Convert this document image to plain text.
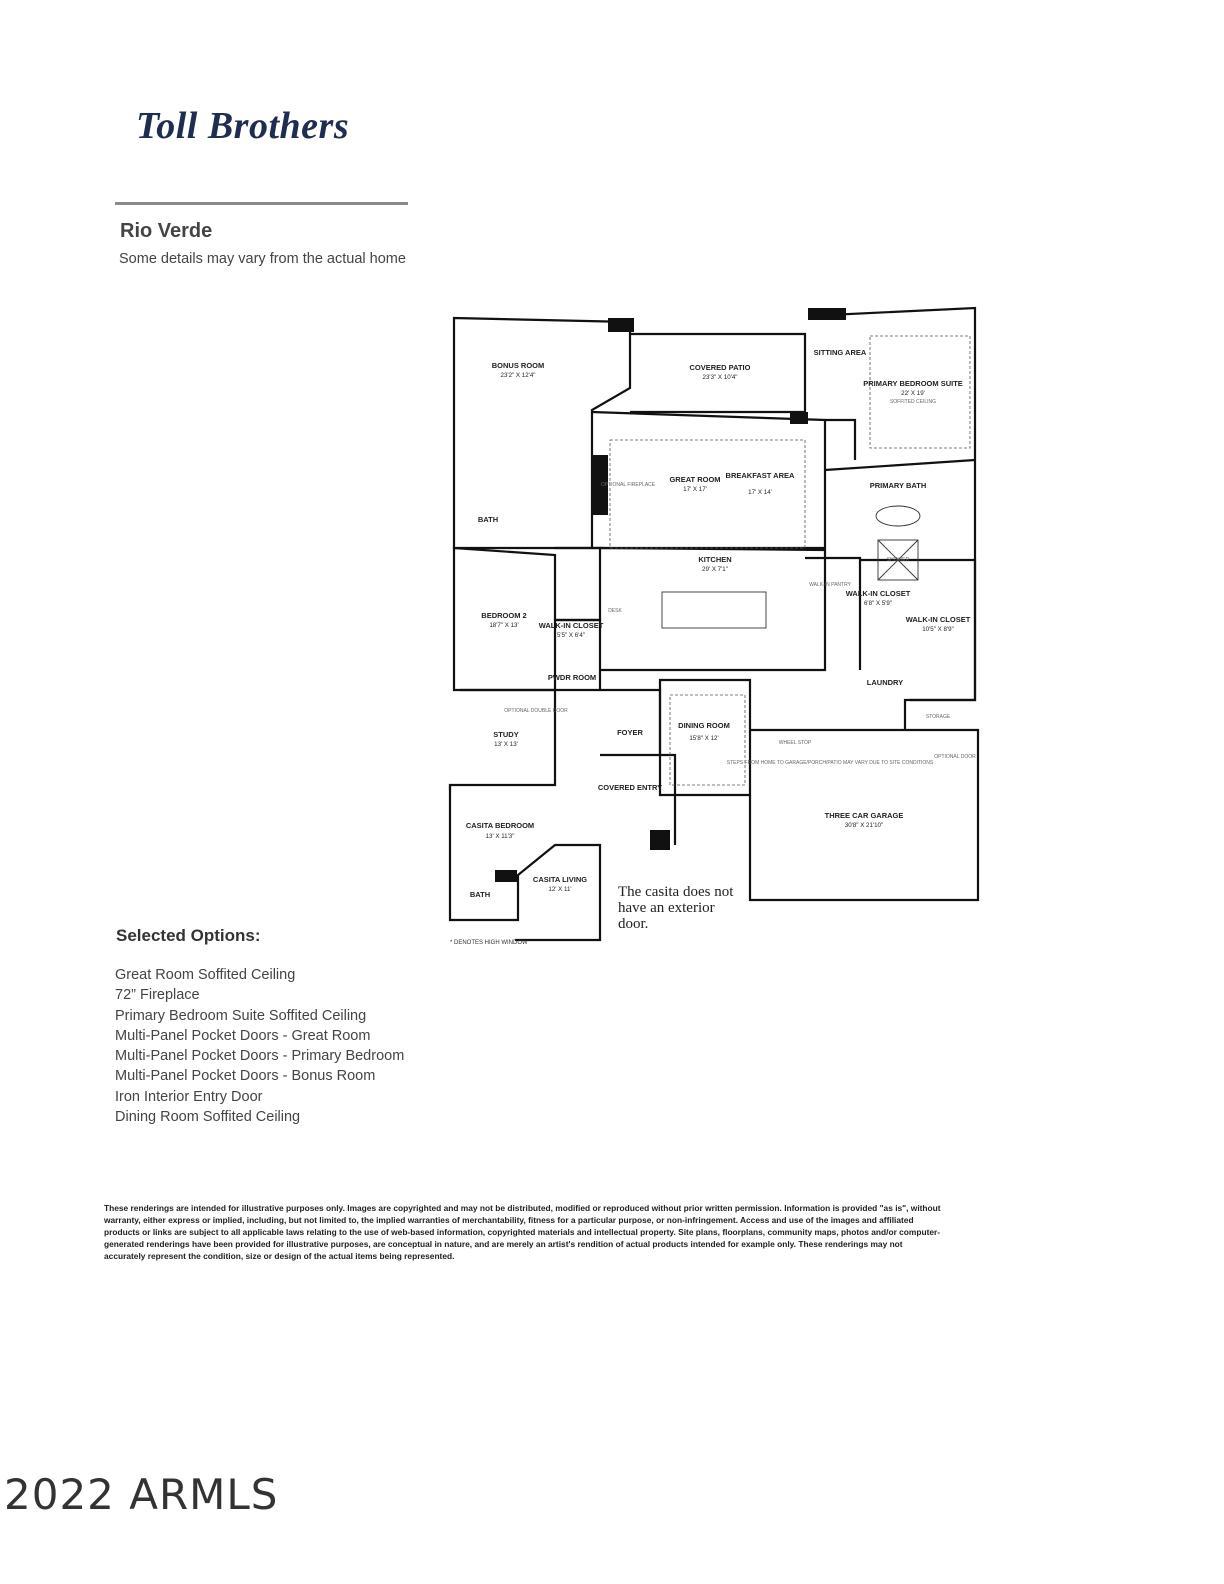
Toll Brothers
Rio Verde
Some details may vary from the actual home
BONUS ROOM
23'2" X 12'4"
COVERED PATIO
23'3" X 10'4"
SITTING AREA
PRIMARY BEDROOM SUITE
22' X 19'
SOFFITED CEILING
GREAT ROOM
17' X 17'
BREAKFAST AREA
17' X 14'
OPTIONAL FIREPLACE	PRIMARY BATH
BATH
KITCHEN
29' X 7'1"
DESK
BEDROOM 2
18'7" X 13'	WALK-IN CLOSET
5'5" X 6'4"
WALK-IN PANTRY
WALK-IN CLOSET
6'8" X 5'9"
WALK-IN CLOSET
10'5" X 8'9"
SHOWER
PWDR ROOM
STUDY
13' X 13'
OPTIONAL DOUBLE DOOR
FOYER
DINING ROOM
15'8" X 12'
LAUNDRY
STORAGE
WHEEL STOP
STEPS FROM HOME TO GARAGE/PORCH/PATIO MAY VARY DUE TO SITE CONDITIONS
OPTIONAL DOOR
CASITA BEDROOM
13' X 11'3"
COVERED ENTRY
THREE CAR GARAGE
30'8" X 21'10"
CASITA LIVING
12' X 11'
BATH	The casita does not have an exterior door.
* DENOTES HIGH WINDOW
Selected Options:
Great Room Soffited Ceiling
72” Fireplace
Primary Bedroom Suite Soffited Ceiling
Multi-Panel Pocket Doors - Great Room
Multi-Panel Pocket Doors - Primary Bedroom
Multi-Panel Pocket Doors - Bonus Room
Iron Interior Entry Door
Dining Room Soffited Ceiling
These renderings are intended for illustrative purposes only. Images are copyrighted and may not be distributed, modified or reproduced without prior written permission. Information is provided "as is", without warranty, either express or implied, including, but not limited to, the implied warranties of merchantability, fitness for a particular purpose, or non-infringement. Access and use of the images and affiliated products or links are subject to all applicable laws relating to the use of web-based information, copyrighted materials and intellectual property. Site plans, floorplans, community maps, photos and/or computer-generated renderings have been provided for illustrative purposes, are conceptual in nature, and are merely an artist's rendition of actual products intended for example only. These renderings may not accurately represent the condition, size or design of the actual items being represented.
2022 ARMLS
